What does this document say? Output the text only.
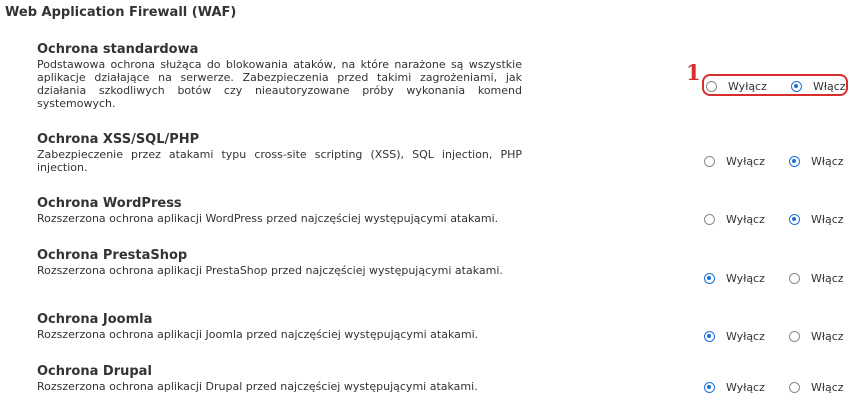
Web Application Firewall (WAF)
1
Ochrona standardowa
Podstawowa ochrona służąca do blokowania ataków, na które narażone są wszystkie aplikacje działające na serwerze. Zabezpieczenia przed takimi zagrożeniami, jak działania szkodliwych botów czy nieautoryzowane próby wykonania komend systemowych.
Wyłącz	Włącz
Ochrona XSS/SQL/PHP
Zabezpieczenie przez atakami typu cross-site scripting (XSS), SQL injection, PHP injection.	Wyłącz	Włącz
Ochrona WordPress
Rozszerzona ochrona aplikacji WordPress przed najczęściej występującymi atakami.	Wyłącz	Włącz
Ochrona PrestaShop
Rozszerzona ochrona aplikacji PrestaShop przed najczęściej występującymi atakami.
Wyłącz	Włącz
Ochrona Joomla
Rozszerzona ochrona aplikacji Joomla przed najczęściej występującymi atakami.	Wyłącz	Włącz
Ochrona Drupal
Rozszerzona ochrona aplikacji Drupal przed najczęściej występującymi atakami.	Wyłącz	Włącz
